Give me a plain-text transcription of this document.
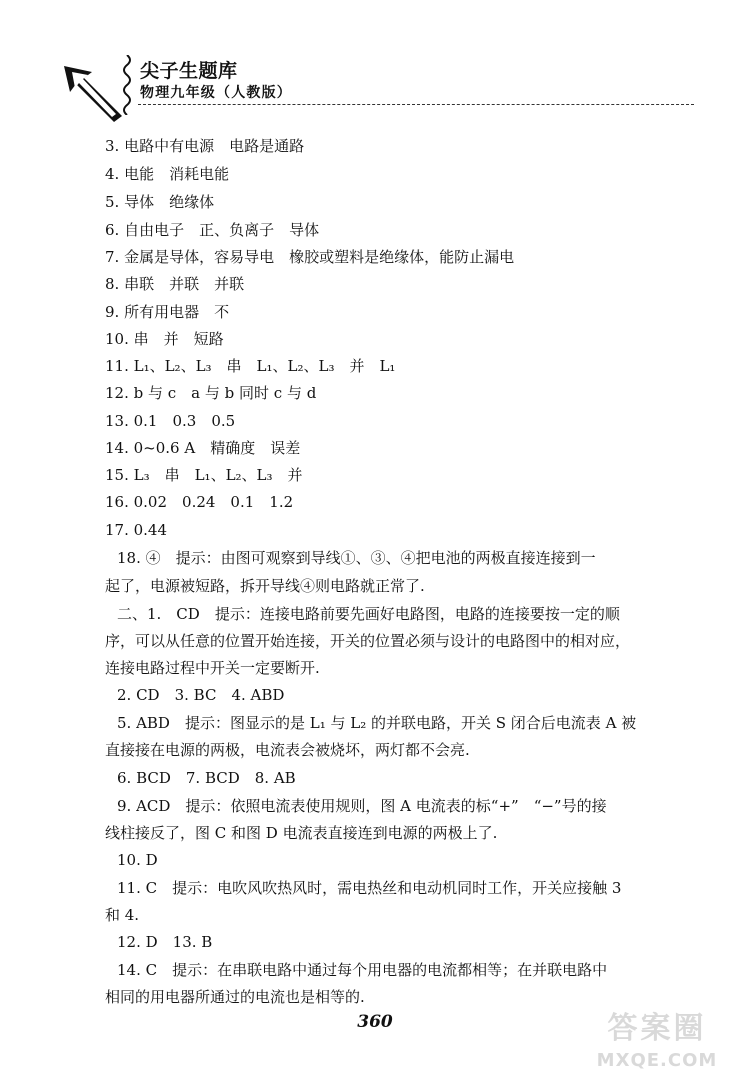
尖子生题库
物理九年级（人教版）
3. 电路中有电源　电路是通路
4. 电能　消耗电能
5. 导体　绝缘体
6. 自由电子　正、负离子　导体
7. 金属是导体，容易导电　橡胶或塑料是绝缘体，能防止漏电
8. 串联　并联　并联
9. 所有用电器　不
10. 串　并　短路
11. L₁、L₂、L₃　串　L₁、L₂、L₃　并　L₁
12. b 与 c　a 与 b 同时 c 与 d
13. 0.1　0.3　0.5
14. 0~0.6 A　精确度　误差
15. L₃　串　L₁、L₂、L₃　并
16. 0.02　0.24　0.1　1.2
17. 0.44
18. ④　提示：由图可观察到导线①、③、④把电池的两极直接连接到一
起了，电源被短路，拆开导线④则电路就正常了.
二、1.　CD　提示：连接电路前要先画好电路图，电路的连接要按一定的顺
序，可以从任意的位置开始连接，开关的位置必须与设计的电路图中的相对应，
连接电路过程中开关一定要断开.
2. CD　3. BC　4. ABD
5. ABD　提示：图显示的是 L₁ 与 L₂ 的并联电路，开关 S 闭合后电流表 A 被
直接接在电源的两极，电流表会被烧坏，两灯都不会亮.
6. BCD　7. BCD　8. AB
9. ACD　提示：依照电流表使用规则，图 A 电流表的标“+”　“−”号的接
线柱接反了，图 C 和图 D 电流表直接连到电源的两极上了.
10. D
11. C　提示：电吹风吹热风时，需电热丝和电动机同时工作，开关应接触 3
和 4.
12. D　13. B
14. C　提示：在串联电路中通过每个用电器的电流都相等；在并联电路中
相同的用电器所通过的电流也是相等的.
360	答案圈
MXQE.COM
